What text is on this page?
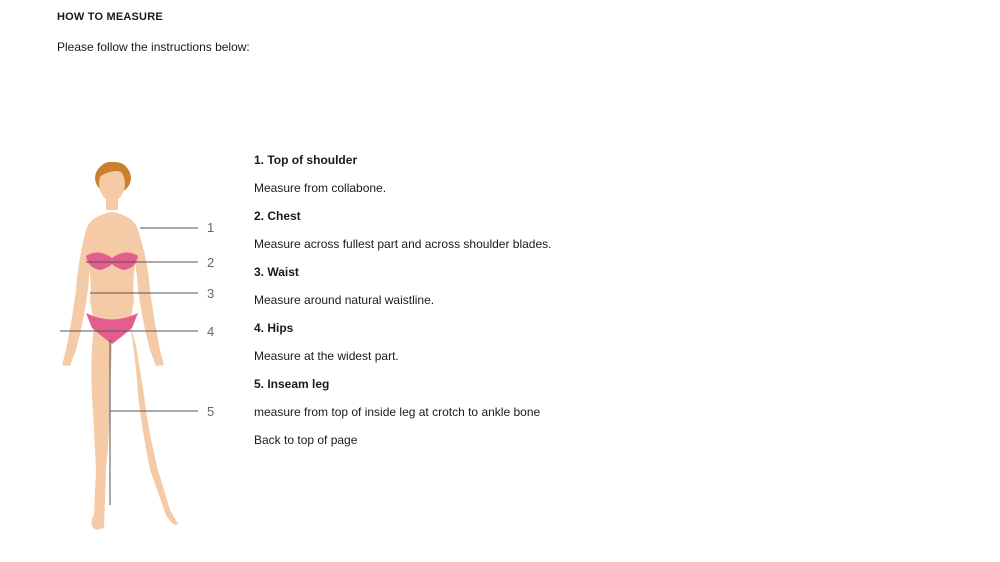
HOW TO MEASURE
Please follow the instructions below:
1
2
3
4
5
1. Top of shoulder
Measure from collabone.
2. Chest
Measure across fullest part and across shoulder blades.
3. Waist
Measure around natural waistline.
4. Hips
Measure at the widest part.
5. Inseam leg
measure from top of inside leg at crotch to ankle bone
Back to top of page
